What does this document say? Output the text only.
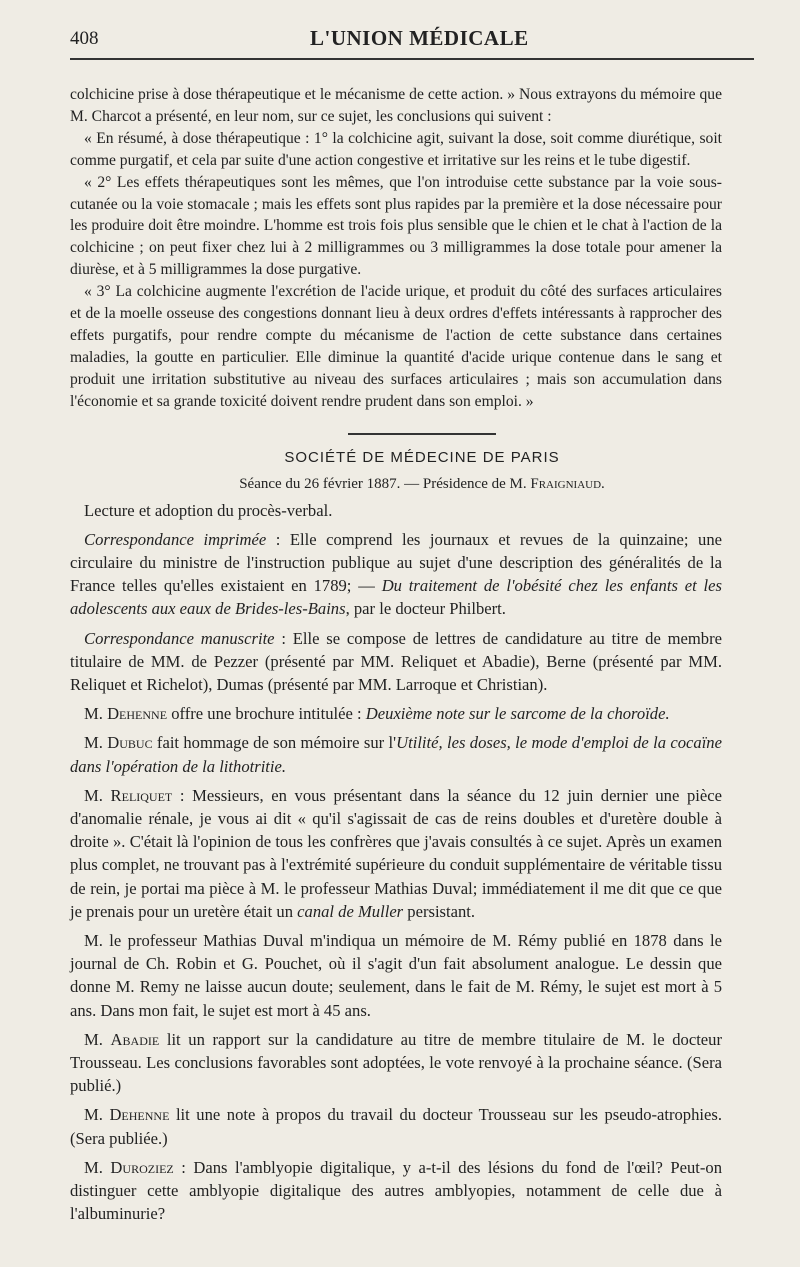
408	L'UNION MÉDICALE

colchicine prise à dose thérapeutique et le mécanisme de cette action. » Nous extrayons du mémoire que M. Charcot a présenté, en leur nom, sur ce sujet, les conclusions qui suivent :

« En résumé, à dose thérapeutique : 1° la colchicine agit, suivant la dose, soit comme diurétique, soit comme purgatif, et cela par suite d'une action congestive et irritative sur les reins et le tube digestif.

« 2° Les effets thérapeutiques sont les mêmes, que l'on introduise cette substance par la voie sous-cutanée ou la voie stomacale ; mais les effets sont plus rapides par la première et la dose nécessaire pour les produire doit être moindre. L'homme est trois fois plus sensible que le chien et le chat à l'action de la colchicine ; on peut fixer chez lui à 2 milligrammes ou 3 milligrammes la dose totale pour amener la diurèse, et à 5 milligrammes la dose purgative.

« 3° La colchicine augmente l'excrétion de l'acide urique, et produit du côté des surfaces articulaires et de la moelle osseuse des congestions donnant lieu à deux ordres d'effets intéressants à rapprocher des effets purgatifs, pour rendre compte du mécanisme de l'action de cette substance dans certaines maladies, la goutte en particulier. Elle diminue la quantité d'acide urique contenue dans le sang et produit une irritation substitutive au niveau des surfaces articulaires ; mais son accumulation dans l'économie et sa grande toxicité doivent rendre prudent dans son emploi. »

SOCIÉTÉ DE MÉDECINE DE PARIS
Séance du 26 février 1887. — Présidence de M. Fraigniaud.

Lecture et adoption du procès-verbal.

Correspondance imprimée : Elle comprend les journaux et revues de la quinzaine; une circulaire du ministre de l'instruction publique au sujet d'une description des généralités de la France telles qu'elles existaient en 1789; — Du traitement de l'obésité chez les enfants et les adolescents aux eaux de Brides-les-Bains, par le docteur Philbert.

Correspondance manuscrite : Elle se compose de lettres de candidature au titre de membre titulaire de MM. de Pezzer (présenté par MM. Reliquet et Abadie), Berne (présenté par MM. Reliquet et Richelot), Dumas (présenté par MM. Larroque et Christian).

M. Dehenne offre une brochure intitulée : Deuxième note sur le sarcome de la choroïde.

M. Dubuc fait hommage de son mémoire sur l'Utilité, les doses, le mode d'emploi de la cocaïne dans l'opération de la lithotritie.

M. Reliquet : Messieurs, en vous présentant dans la séance du 12 juin dernier une pièce d'anomalie rénale, je vous ai dit « qu'il s'agissait de cas de reins doubles et d'uretère double à droite ». C'était là l'opinion de tous les confrères que j'avais consultés à ce sujet. Après un examen plus complet, ne trouvant pas à l'extrémité supérieure du conduit supplémentaire de véritable tissu de rein, je portai ma pièce à M. le professeur Mathias Duval; immédiatement il me dit que ce que je prenais pour un uretère était un canal de Muller persistant.

M. le professeur Mathias Duval m'indiqua un mémoire de M. Rémy publié en 1878 dans le journal de Ch. Robin et G. Pouchet, où il s'agit d'un fait absolument analogue. Le dessin que donne M. Remy ne laisse aucun doute; seulement, dans le fait de M. Rémy, le sujet est mort à 5 ans. Dans mon fait, le sujet est mort à 45 ans.

M. Abadie lit un rapport sur la candidature au titre de membre titulaire de M. le docteur Trousseau. Les conclusions favorables sont adoptées, le vote renvoyé à la prochaine séance. (Sera publié.)

M. Dehenne lit une note à propos du travail du docteur Trousseau sur les pseudo-atrophies. (Sera publiée.)

M. Duroziez : Dans l'amblyopie digitalique, y a-t-il des lésions du fond de l'œil? Peut-on distinguer cette amblyopie digitalique des autres amblyopies, notamment de celle due à l'albuminurie?
